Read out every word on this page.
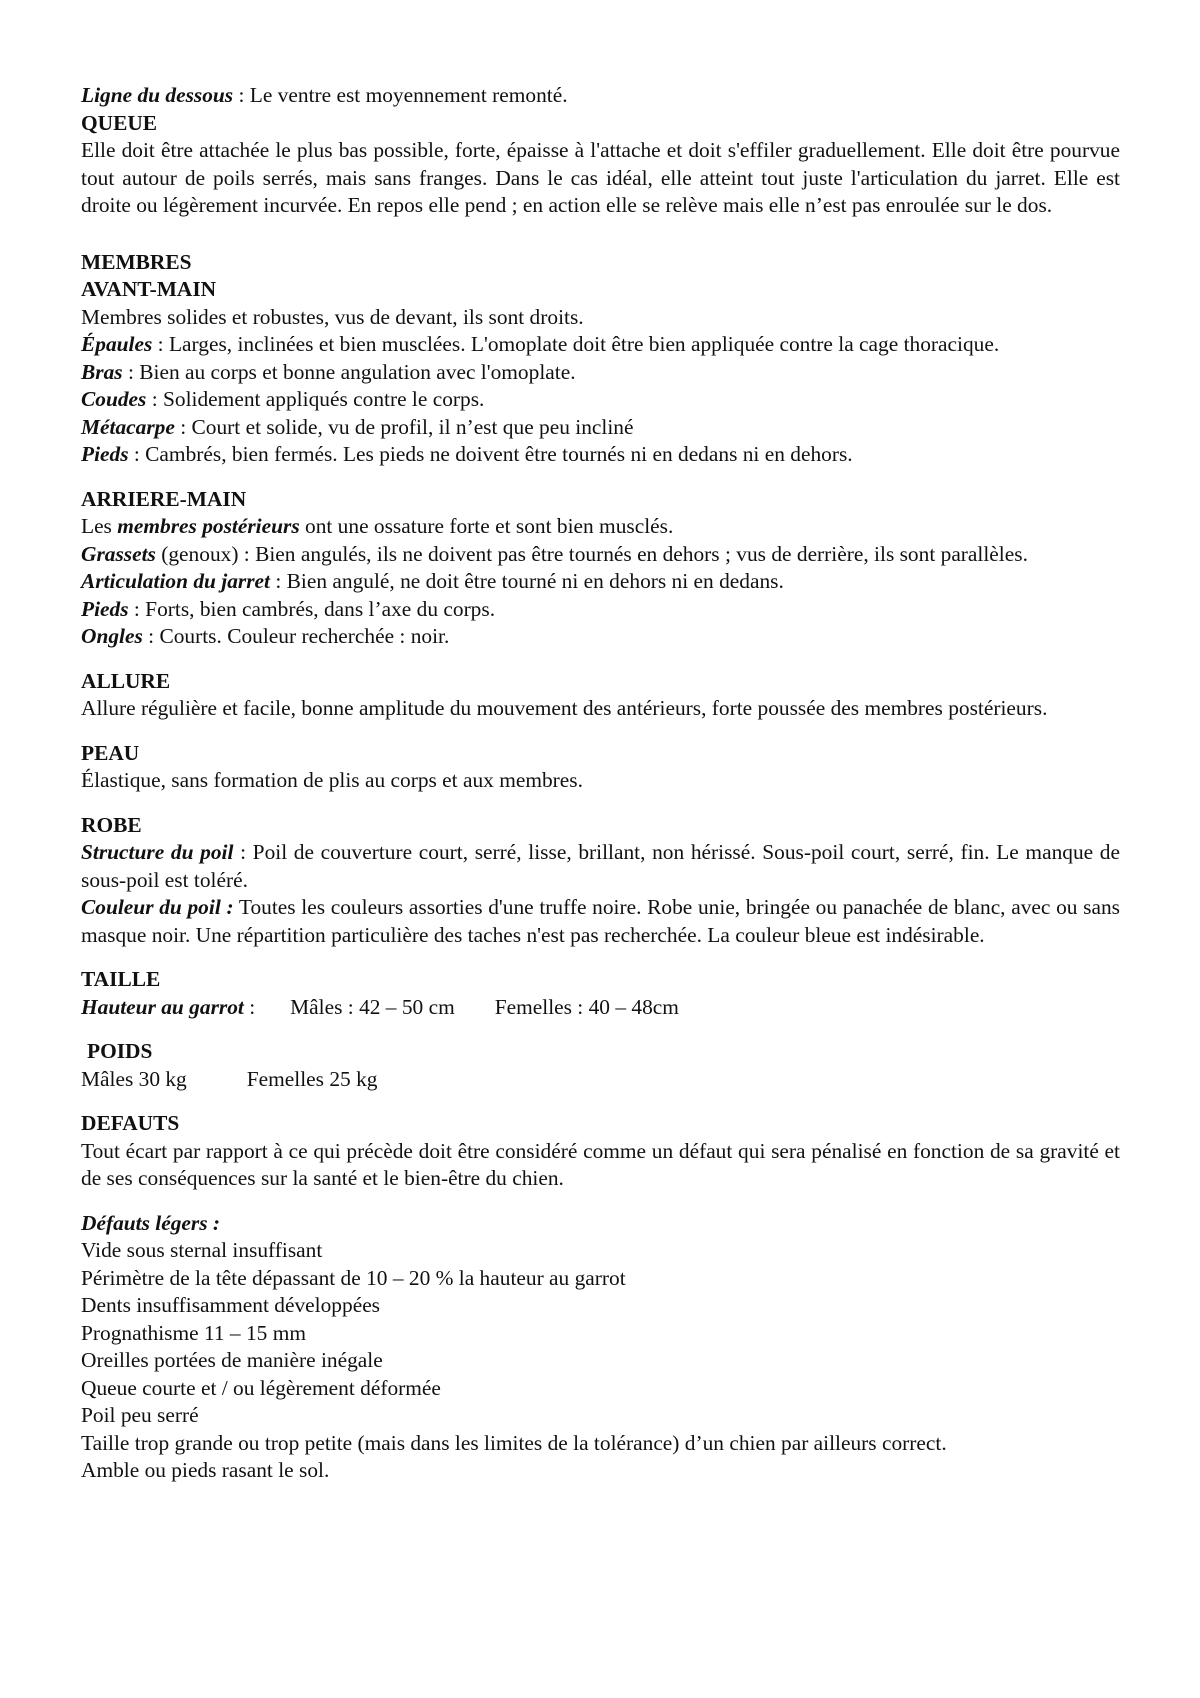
Ligne du dessous : Le ventre est moyennement remonté.

QUEUE

Elle doit être attachée le plus bas possible, forte, épaisse à l'attache et doit s'effiler graduellement. Elle doit être pourvue tout autour de poils serrés, mais sans franges. Dans le cas idéal, elle atteint tout juste l'articulation du jarret. Elle est droite ou légèrement incurvée. En repos elle pend ; en action elle se relève mais elle n’est pas enroulée sur le dos.

MEMBRES

AVANT-MAIN

Membres solides et robustes, vus de devant, ils sont droits.

Épaules : Larges, inclinées et bien musclées. L'omoplate doit être bien appliquée contre la cage thoracique.

Bras : Bien au corps et bonne angulation avec l'omoplate.

Coudes : Solidement appliqués contre le corps.

Métacarpe : Court et solide, vu de profil, il n’est que peu incliné

Pieds : Cambrés, bien fermés. Les pieds ne doivent être tournés ni en dedans ni en dehors.

ARRIERE-MAIN

Les membres postérieurs ont une ossature forte et sont bien musclés.

Grassets (genoux) : Bien angulés, ils ne doivent pas être tournés en dehors ; vus de derrière, ils sont parallèles.

Articulation du jarret : Bien angulé, ne doit être tourné ni en dehors ni en dedans.

Pieds : Forts, bien cambrés, dans l’axe du corps.

Ongles : Courts. Couleur recherchée : noir.

ALLURE

Allure régulière et facile, bonne amplitude du mouvement des antérieurs, forte poussée des membres postérieurs.

PEAU

Élastique, sans formation de plis au corps et aux membres.

ROBE

Structure du poil : Poil de couverture court, serré, lisse, brillant, non hérissé. Sous-poil court, serré, fin. Le manque de sous-poil est toléré.

Couleur du poil : Toutes les couleurs assorties d'une truffe noire. Robe unie, bringée ou panachée de blanc, avec ou sans masque noir. Une répartition particulière des taches n'est pas recherchée. La couleur bleue est indésirable.

TAILLE

Hauteur au garrot : Mâles : 42 – 50 cm Femelles : 40 – 48cm

POIDS

Mâles 30 kg	Femelles 25 kg

DEFAUTS

Tout écart par rapport à ce qui précède doit être considéré comme un défaut qui sera pénalisé en fonction de sa gravité et de ses conséquences sur la santé et le bien-être du chien.

Défauts légers :

Vide sous sternal insuffisant

Périmètre de la tête dépassant de 10 – 20 % la hauteur au garrot

Dents insuffisamment développées

Prognathisme 11 – 15 mm

Oreilles portées de manière inégale

Queue courte et / ou légèrement déformée

Poil peu serré

Taille trop grande ou trop petite (mais dans les limites de la tolérance) d’un chien par ailleurs correct.

Amble ou pieds rasant le sol.
